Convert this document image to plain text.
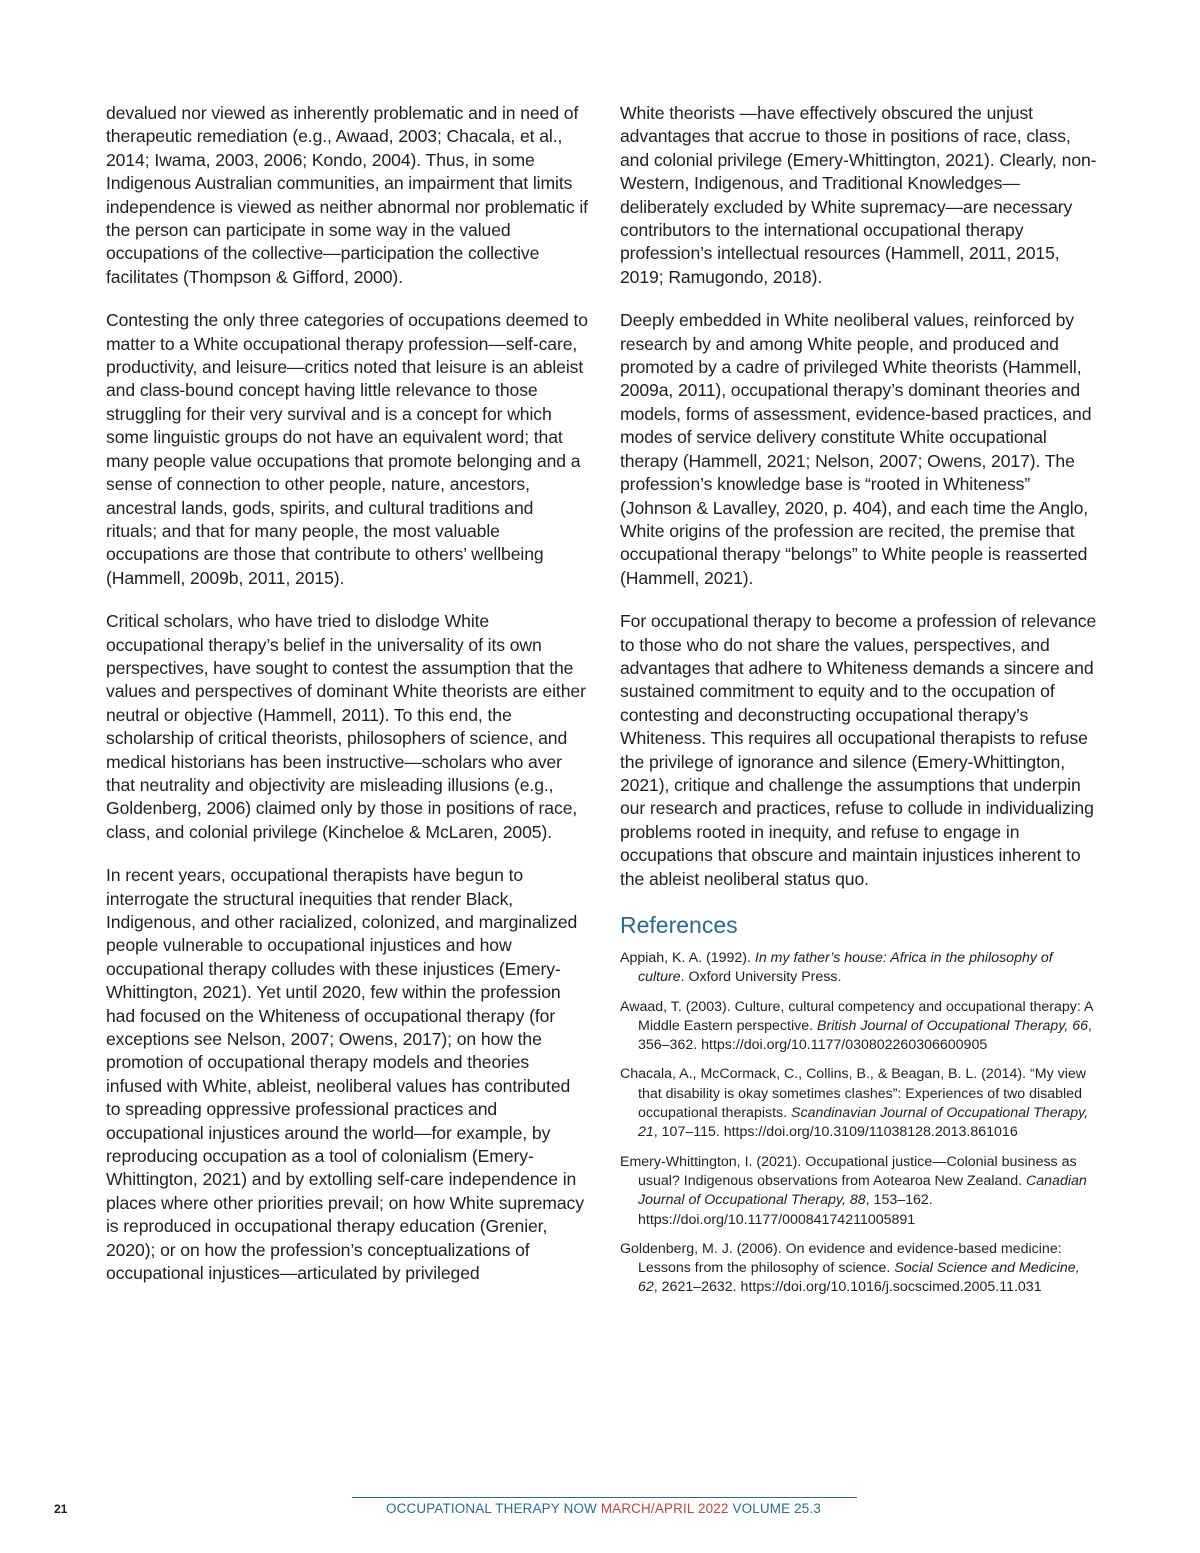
devalued nor viewed as inherently problematic and in need of therapeutic remediation (e.g., Awaad, 2003; Chacala, et al., 2014; Iwama, 2003, 2006; Kondo, 2004). Thus, in some Indigenous Australian communities, an impairment that limits independence is viewed as neither abnormal nor problematic if the person can participate in some way in the valued occupations of the collective—participation the collective facilitates (Thompson & Gifford, 2000).

Contesting the only three categories of occupations deemed to matter to a White occupational therapy profession—self-care, productivity, and leisure—critics noted that leisure is an ableist and class-bound concept having little relevance to those struggling for their very survival and is a concept for which some linguistic groups do not have an equivalent word; that many people value occupations that promote belonging and a sense of connection to other people, nature, ancestors, ancestral lands, gods, spirits, and cultural traditions and rituals; and that for many people, the most valuable occupations are those that contribute to others’ wellbeing (Hammell, 2009b, 2011, 2015).

Critical scholars, who have tried to dislodge White occupational therapy’s belief in the universality of its own perspectives, have sought to contest the assumption that the values and perspectives of dominant White theorists are either neutral or objective (Hammell, 2011). To this end, the scholarship of critical theorists, philosophers of science, and medical historians has been instructive—scholars who aver that neutrality and objectivity are misleading illusions (e.g., Goldenberg, 2006) claimed only by those in positions of race, class, and colonial privilege (Kincheloe & McLaren, 2005).

In recent years, occupational therapists have begun to interrogate the structural inequities that render Black, Indigenous, and other racialized, colonized, and marginalized people vulnerable to occupational injustices and how occupational therapy colludes with these injustices (Emery-Whittington, 2021). Yet until 2020, few within the profession had focused on the Whiteness of occupational therapy (for exceptions see Nelson, 2007; Owens, 2017); on how the promotion of occupational therapy models and theories infused with White, ableist, neoliberal values has contributed to spreading oppressive professional practices and occupational injustices around the world—for example, by reproducing occupation as a tool of colonialism (Emery-Whittington, 2021) and by extolling self-care independence in places where other priorities prevail; on how White supremacy is reproduced in occupational therapy education (Grenier, 2020); or on how the profession’s conceptualizations of occupational injustices—articulated by privileged

White theorists —have effectively obscured the unjust advantages that accrue to those in positions of race, class, and colonial privilege (Emery-Whittington, 2021). Clearly, non-Western, Indigenous, and Traditional Knowledges—deliberately excluded by White supremacy—are necessary contributors to the international occupational therapy profession’s intellectual resources (Hammell, 2011, 2015, 2019; Ramugondo, 2018).

Deeply embedded in White neoliberal values, reinforced by research by and among White people, and produced and promoted by a cadre of privileged White theorists (Hammell, 2009a, 2011), occupational therapy’s dominant theories and models, forms of assessment, evidence-based practices, and modes of service delivery constitute White occupational therapy (Hammell, 2021; Nelson, 2007; Owens, 2017). The profession’s knowledge base is “rooted in Whiteness” (Johnson & Lavalley, 2020, p. 404), and each time the Anglo, White origins of the profession are recited, the premise that occupational therapy “belongs” to White people is reasserted (Hammell, 2021).

For occupational therapy to become a profession of relevance to those who do not share the values, perspectives, and advantages that adhere to Whiteness demands a sincere and sustained commitment to equity and to the occupation of contesting and deconstructing occupational therapy’s Whiteness. This requires all occupational therapists to refuse the privilege of ignorance and silence (Emery-Whittington, 2021), critique and challenge the assumptions that underpin our research and practices, refuse to collude in individualizing problems rooted in inequity, and refuse to engage in occupations that obscure and maintain injustices inherent to the ableist neoliberal status quo.

References
Appiah, K. A. (1992). In my father’s house: Africa in the philosophy of culture. Oxford University Press.
Awaad, T. (2003). Culture, cultural competency and occupational therapy: A Middle Eastern perspective. British Journal of Occupational Therapy, 66, 356–362. https://doi.org/10.1177/030802260306600905
Chacala, A., McCormack, C., Collins, B., & Beagan, B. L. (2014). “My view that disability is okay sometimes clashes”: Experiences of two disabled occupational therapists. Scandinavian Journal of Occupational Therapy, 21, 107–115. https://doi.org/10.3109/11038128.2013.861016
Emery-Whittington, I. (2021). Occupational justice—Colonial business as usual? Indigenous observations from Aotearoa New Zealand. Canadian Journal of Occupational Therapy, 88, 153–162. https://doi.org/10.1177/00084174211005891
Goldenberg, M. J. (2006). On evidence and evidence-based medicine: Lessons from the philosophy of science. Social Science and Medicine, 62, 2621–2632. https://doi.org/10.1016/j.socscimed.2005.11.031
21	OCCUPATIONAL THERAPY NOW MARCH/APRIL 2022 VOLUME 25.3
